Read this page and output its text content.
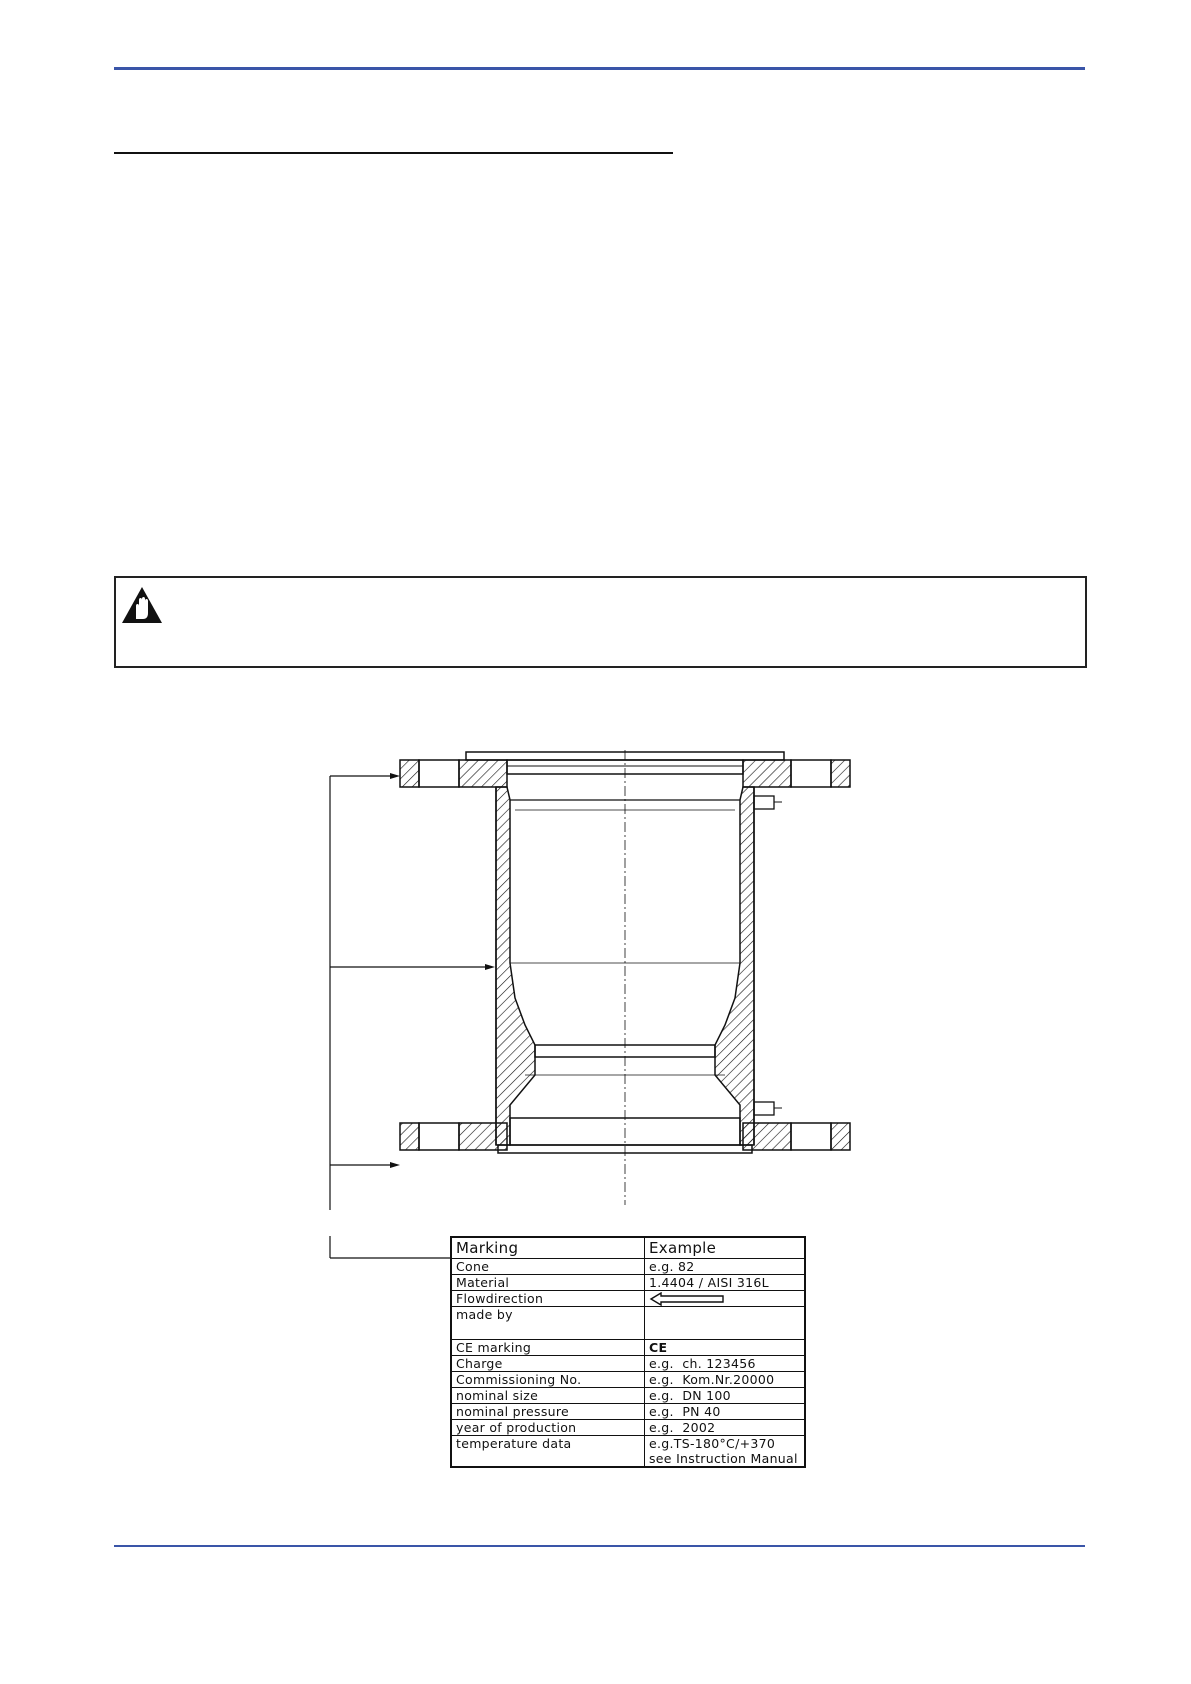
Marking	Example
Cone	e.g. 82
Material	1.4404 / AISI 316L
Flowdirection	

made by	
CE marking	CE
Charge	e.g.  ch. 123456
Commissioning No.	e.g.  Kom.Nr.20000
nominal size	e.g.  DN 100
nominal pressure	e.g.  PN 40
year of production	e.g.  2002
temperature data	e.g.TS-180°C/+370
see Instruction Manual
